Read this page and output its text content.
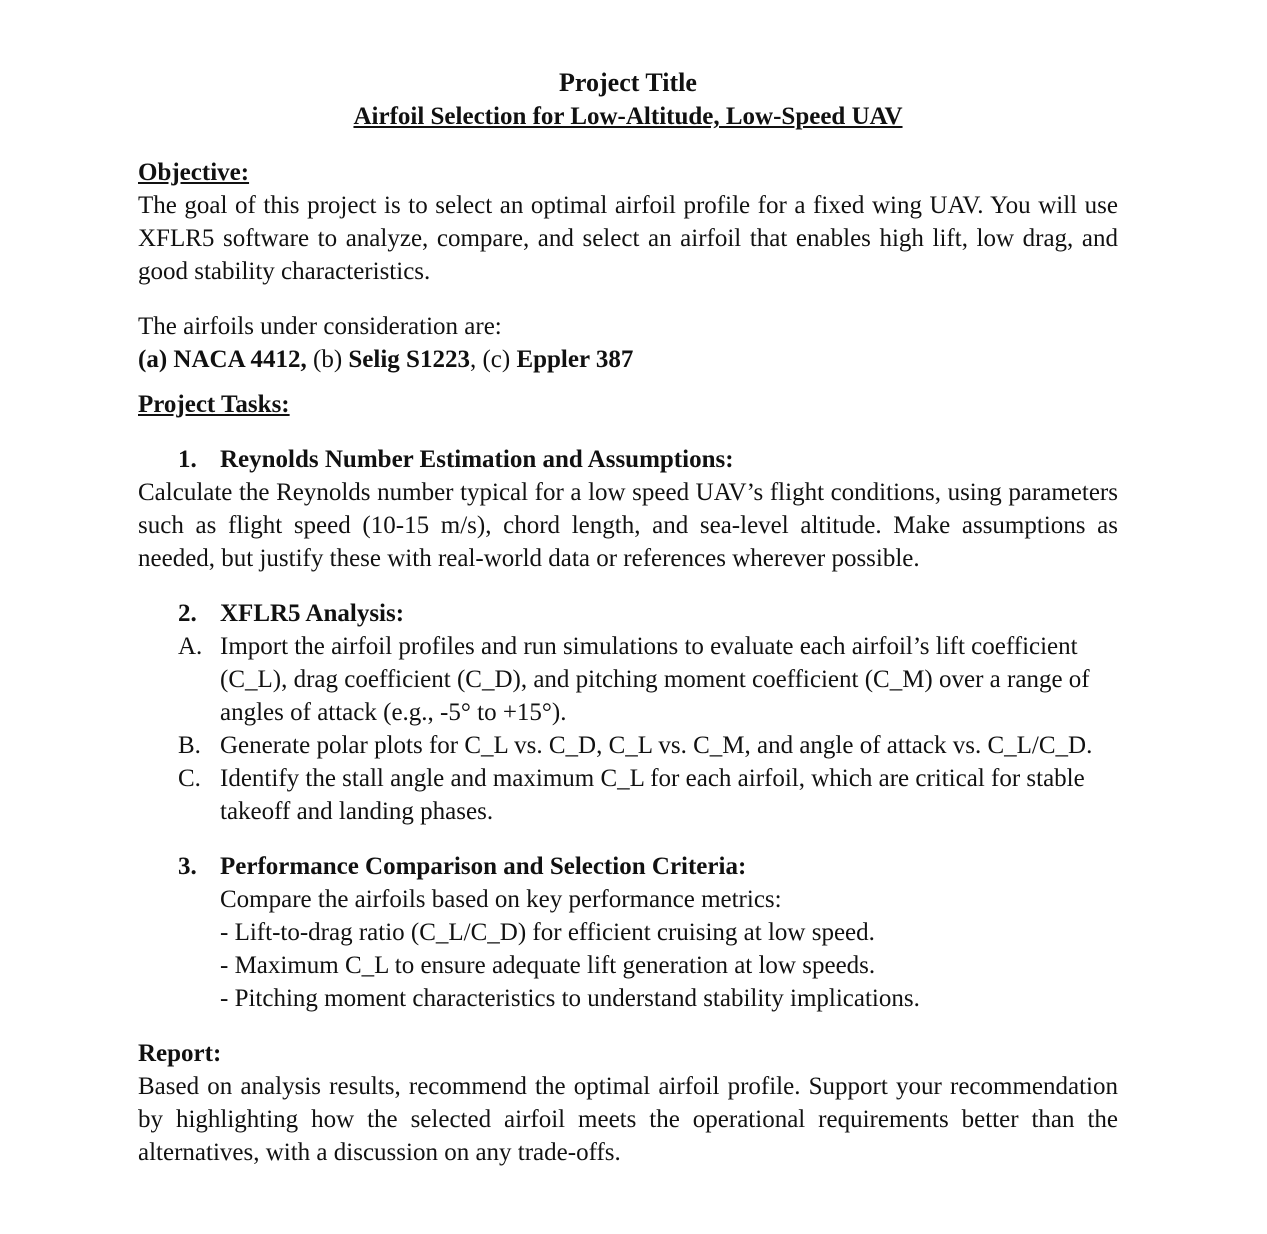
Project Title
Airfoil Selection for Low-Altitude, Low-Speed UAV

Objective:

The goal of this project is to select an optimal airfoil profile for a fixed wing UAV. You will use XFLR5 software to analyze, compare, and select an airfoil that enables high lift, low drag, and good stability characteristics.

The airfoils under consideration are:

(a) NACA 4412, (b) Selig S1223, (c) Eppler 387

Project Tasks:

1. Reynolds Number Estimation and Assumptions:

Calculate the Reynolds number typical for a low speed UAV’s flight conditions, using parameters such as flight speed (10-15 m/s), chord length, and sea-level altitude. Make assumptions as needed, but justify these with real-world data or references wherever possible.

2. XFLR5 Analysis:
A. Import the airfoil profiles and run simulations to evaluate each airfoil’s lift coefficient (C_L), drag coefficient (C_D), and pitching moment coefficient (C_M) over a range of angles of attack (e.g., -5° to +15°).
B. Generate polar plots for C_L vs. C_D, C_L vs. C_M, and angle of attack vs. C_L/C_D.
C. Identify the stall angle and maximum C_L for each airfoil, which are critical for stable takeoff and landing phases.
3. Performance Comparison and Selection Criteria:
Compare the airfoils based on key performance metrics:
- Lift-to-drag ratio (C_L/C_D) for efficient cruising at low speed.
- Maximum C_L to ensure adequate lift generation at low speeds.
- Pitching moment characteristics to understand stability implications.

Report:

Based on analysis results, recommend the optimal airfoil profile. Support your recommendation by highlighting how the selected airfoil meets the operational requirements better than the alternatives, with a discussion on any trade-offs.
